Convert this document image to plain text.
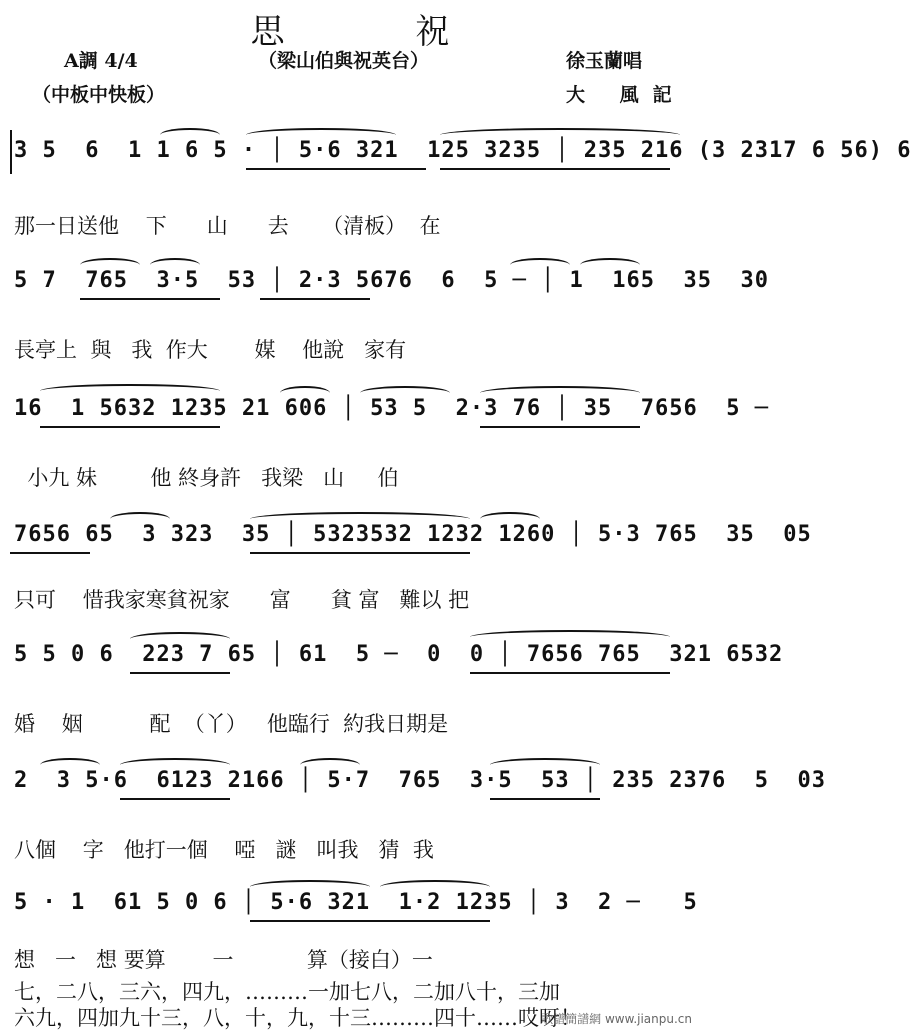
思 祝
A調 4/4	（梁山伯與祝英台）	徐玉蘭唱
（中板中快板）	大 風記
3 5  6  1 1 6 5 · │ 5·6 321  125 3235 │ 235 216 (3 2317 6 56) 6
那一日送他    下      山      去     （清板）  在
5 7  765  3·5  53 │ 2·3 5676  6  5 ─ │ 1  165  35  30
長亭上  與   我  作大       媒    他說   家有
16  1 5632 1235 21 606 │ 53 5  2·3 76 │ 35  7656  5 ─
小九 妹        他 終身許   我梁   山     伯
7656 65  3 323  35 │ 5323532 1232 1260 │ 5·3 765  35  05
只可    惜我家寒貧祝家      富      貧 富   難以 把
5 5 0 6  223 7 65 │ 61  5 ─  0  0 │ 7656 765  321 6532
婚    姻          配  （丫）   他臨行  約我日期是
2  3 5·6  6123 2166 │ 5·7  765  3·5  53 │ 235 2376  5  03
八個    字   他打一個    啞   謎   叫我   猜  我
5 · 1  61 5 0 6 │ 5·6 321  1·2 1235 │ 3  2 ─   5
想   一   想 要算       一           算（接白）一
七，二八，三六，四九，………一加七八，二加八十，三加
六九，四加九十三，八，十，九，十三………四十……哎呀！
歌譜簡譜網 www.jianpu.cn
